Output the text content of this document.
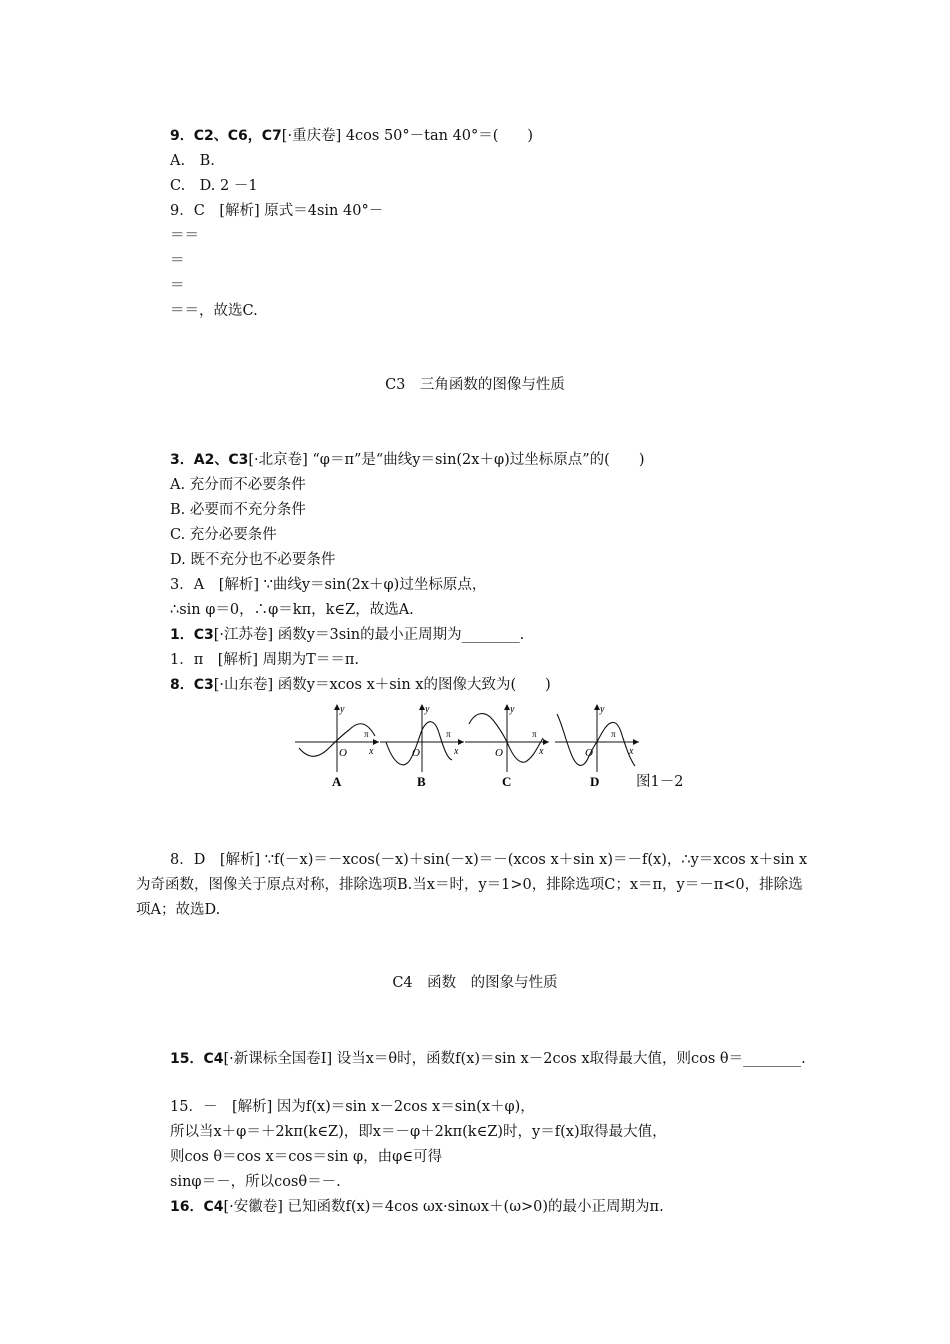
9．C2、C6，C7[·重庆卷] 4cos 50°－tan 40°＝(　　)
A.　B.
C.　D. 2 －1
9．C　[解析] 原式＝4sin 40°－
＝＝
＝
＝
＝＝，故选C.
C3　三角函数的图像与性质
3．A2、C3[·北京卷] “φ＝π”是“曲线y＝sin(2x＋φ)过坐标原点”的(　　)
A. 充分而不必要条件
B. 必要而不充分条件
C. 充分必要条件
D. 既不充分也不必要条件
3．A　[解析] ∵曲线y＝sin(2x＋φ)过坐标原点，
∴sin φ＝0，∴φ＝kπ，k∈Z，故选A.
1．C3[·江苏卷] 函数y＝3sin的最小正周期为________.
1．π　[解析] 周期为T＝＝π.
8．C3[·山东卷] 函数y＝xcos x＋sin x的图像大致为(　　)
y
O
π
x
A
y
O
π
x
B
y
O
π
x
C
y
O
π
x
D	图1－2
8．D　[解析] ∵f(－x)＝－xcos(－x)＋sin(－x)＝－(xcos x＋sin x)＝－f(x)，∴y＝xcos x＋sin x为奇函数，图像关于原点对称，排除选项B.当x＝时，y＝1>0，排除选项C；x＝π，y＝－π<0，排除选项A；故选D.
C4　函数　的图象与性质
15．C4[·新课标全国卷Ⅰ] 设当x＝θ时，函数f(x)＝sin x－2cos x取得最大值，则cos θ＝________.
15．－　[解析] 因为f(x)＝sin x－2cos x＝sin(x＋φ)，
所以当x＋φ＝＋2kπ(k∈Z)，即x＝－φ＋2kπ(k∈Z)时，y＝f(x)取得最大值，
则cos θ＝cos x＝cos＝sin φ，由φ∈可得
sinφ＝－，所以cosθ＝－.
16．C4[·安徽卷] 已知函数f(x)＝4cos ωx·sinωx＋(ω>0)的最小正周期为π.
